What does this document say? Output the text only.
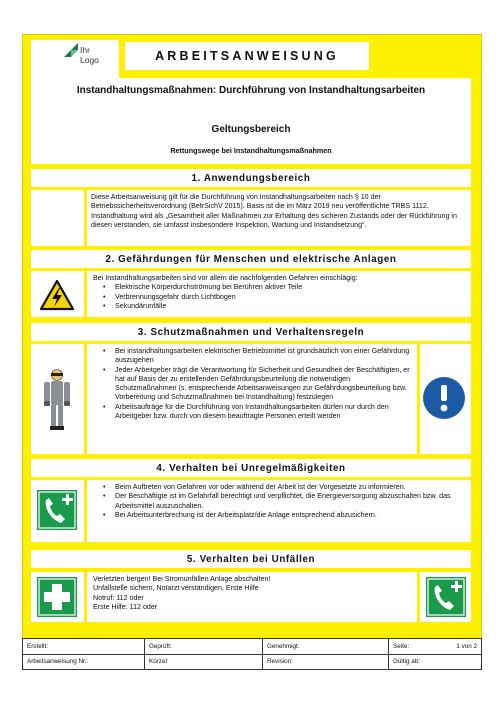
Ihr
Logo	ARBEITSANWEISUNG
Instandhaltungsmaßnahmen: Durchführung von Instandhaltungsarbeiten
Geltungsbereich
Rettungswege bei Instandhaltungsmaßnahmen
1. Anwendungsbereich
Diese Arbeitsanweisung gilt für die Durchführung von Instandhaltungsarbeiten nach § 10 der Betriebssicherheitsverordnung (BetrSichV 2015). Basis ist die im März 2019 neu veröffentlichte TRBS 1112. Instandhaltung wird als „Gesamtheit aller Maßnahmen zur Erhaltung des sicheren Zustands oder der Rückführung in diesen verstanden, sie umfasst insbesondere Inspektion, Wartung und Instandsetzung“.
2. Gefährdungen für Menschen und elektrische Anlagen
Bei Instandhaltungsarbeiten sind vor allem die nachfolgenden Gefahren einschlägig:
• Elektrische Körperdurchströmung bei Berühren aktiver Teile
• Verbrennungsgefahr durch Lichtbogen
• Sekundärunfälle
3. Schutzmaßnahmen und Verhaltensregeln
• Bei instandhaltungsarbeiten elektrischer Betriebsmittel ist grundsätzlich von einer Gefährdung auszugehen
• Jeder Arbeitgeber trägt die Verantwortung für Sicherheit und Gesundheit der Beschäftigten, er hat auf Basis der zu erstellenden Gefährdungsbeurteilung die notwendigen Schutzmaßnahmen (s. entsprechende Arbeitsanweisungen zur Gefährdungsbeurteilung bzw. Vorbereitung und Schutzmaßnahmen bei Instandhaltung) festzulegen
• Arbeitsaufträge für die Durchführung von Instandhaltungsarbeiten dürfen nur durch den Arbeitgeber bzw. durch von diesem beauftragte Personen erteilt werden
4. Verhalten bei Unregelmäßigkeiten
• Beim Auftreten von Gefahren vor oder während der Arbeit ist der Vorgesetzte zu informieren.
• Der Beschäftigte ist im Gefahrfall berechtigt und verpflichtet, die Energieversorgung abzuschalten bzw. das Arbeitsmittel auszuschalten.
• Bei Arbeitsunterbrechung ist der Arbeitsplatz/die Anlage entsprechend abzusichern.
5. Verhalten bei Unfällen
Verletzten bergen! Bei Stromunfällen Anlage abschalten!
Unfallstelle sichern, Notarzt verständigen, Erste Hilfe
Notruf: 112 oder
Erste Hilfe: 112 oder
Erstellt:	Geprüft:	Genehmigt:	Seite:	1 von 2
Arbeitsanweisung Nr.:	Kürzel:	Revision:	Gültig ab:
